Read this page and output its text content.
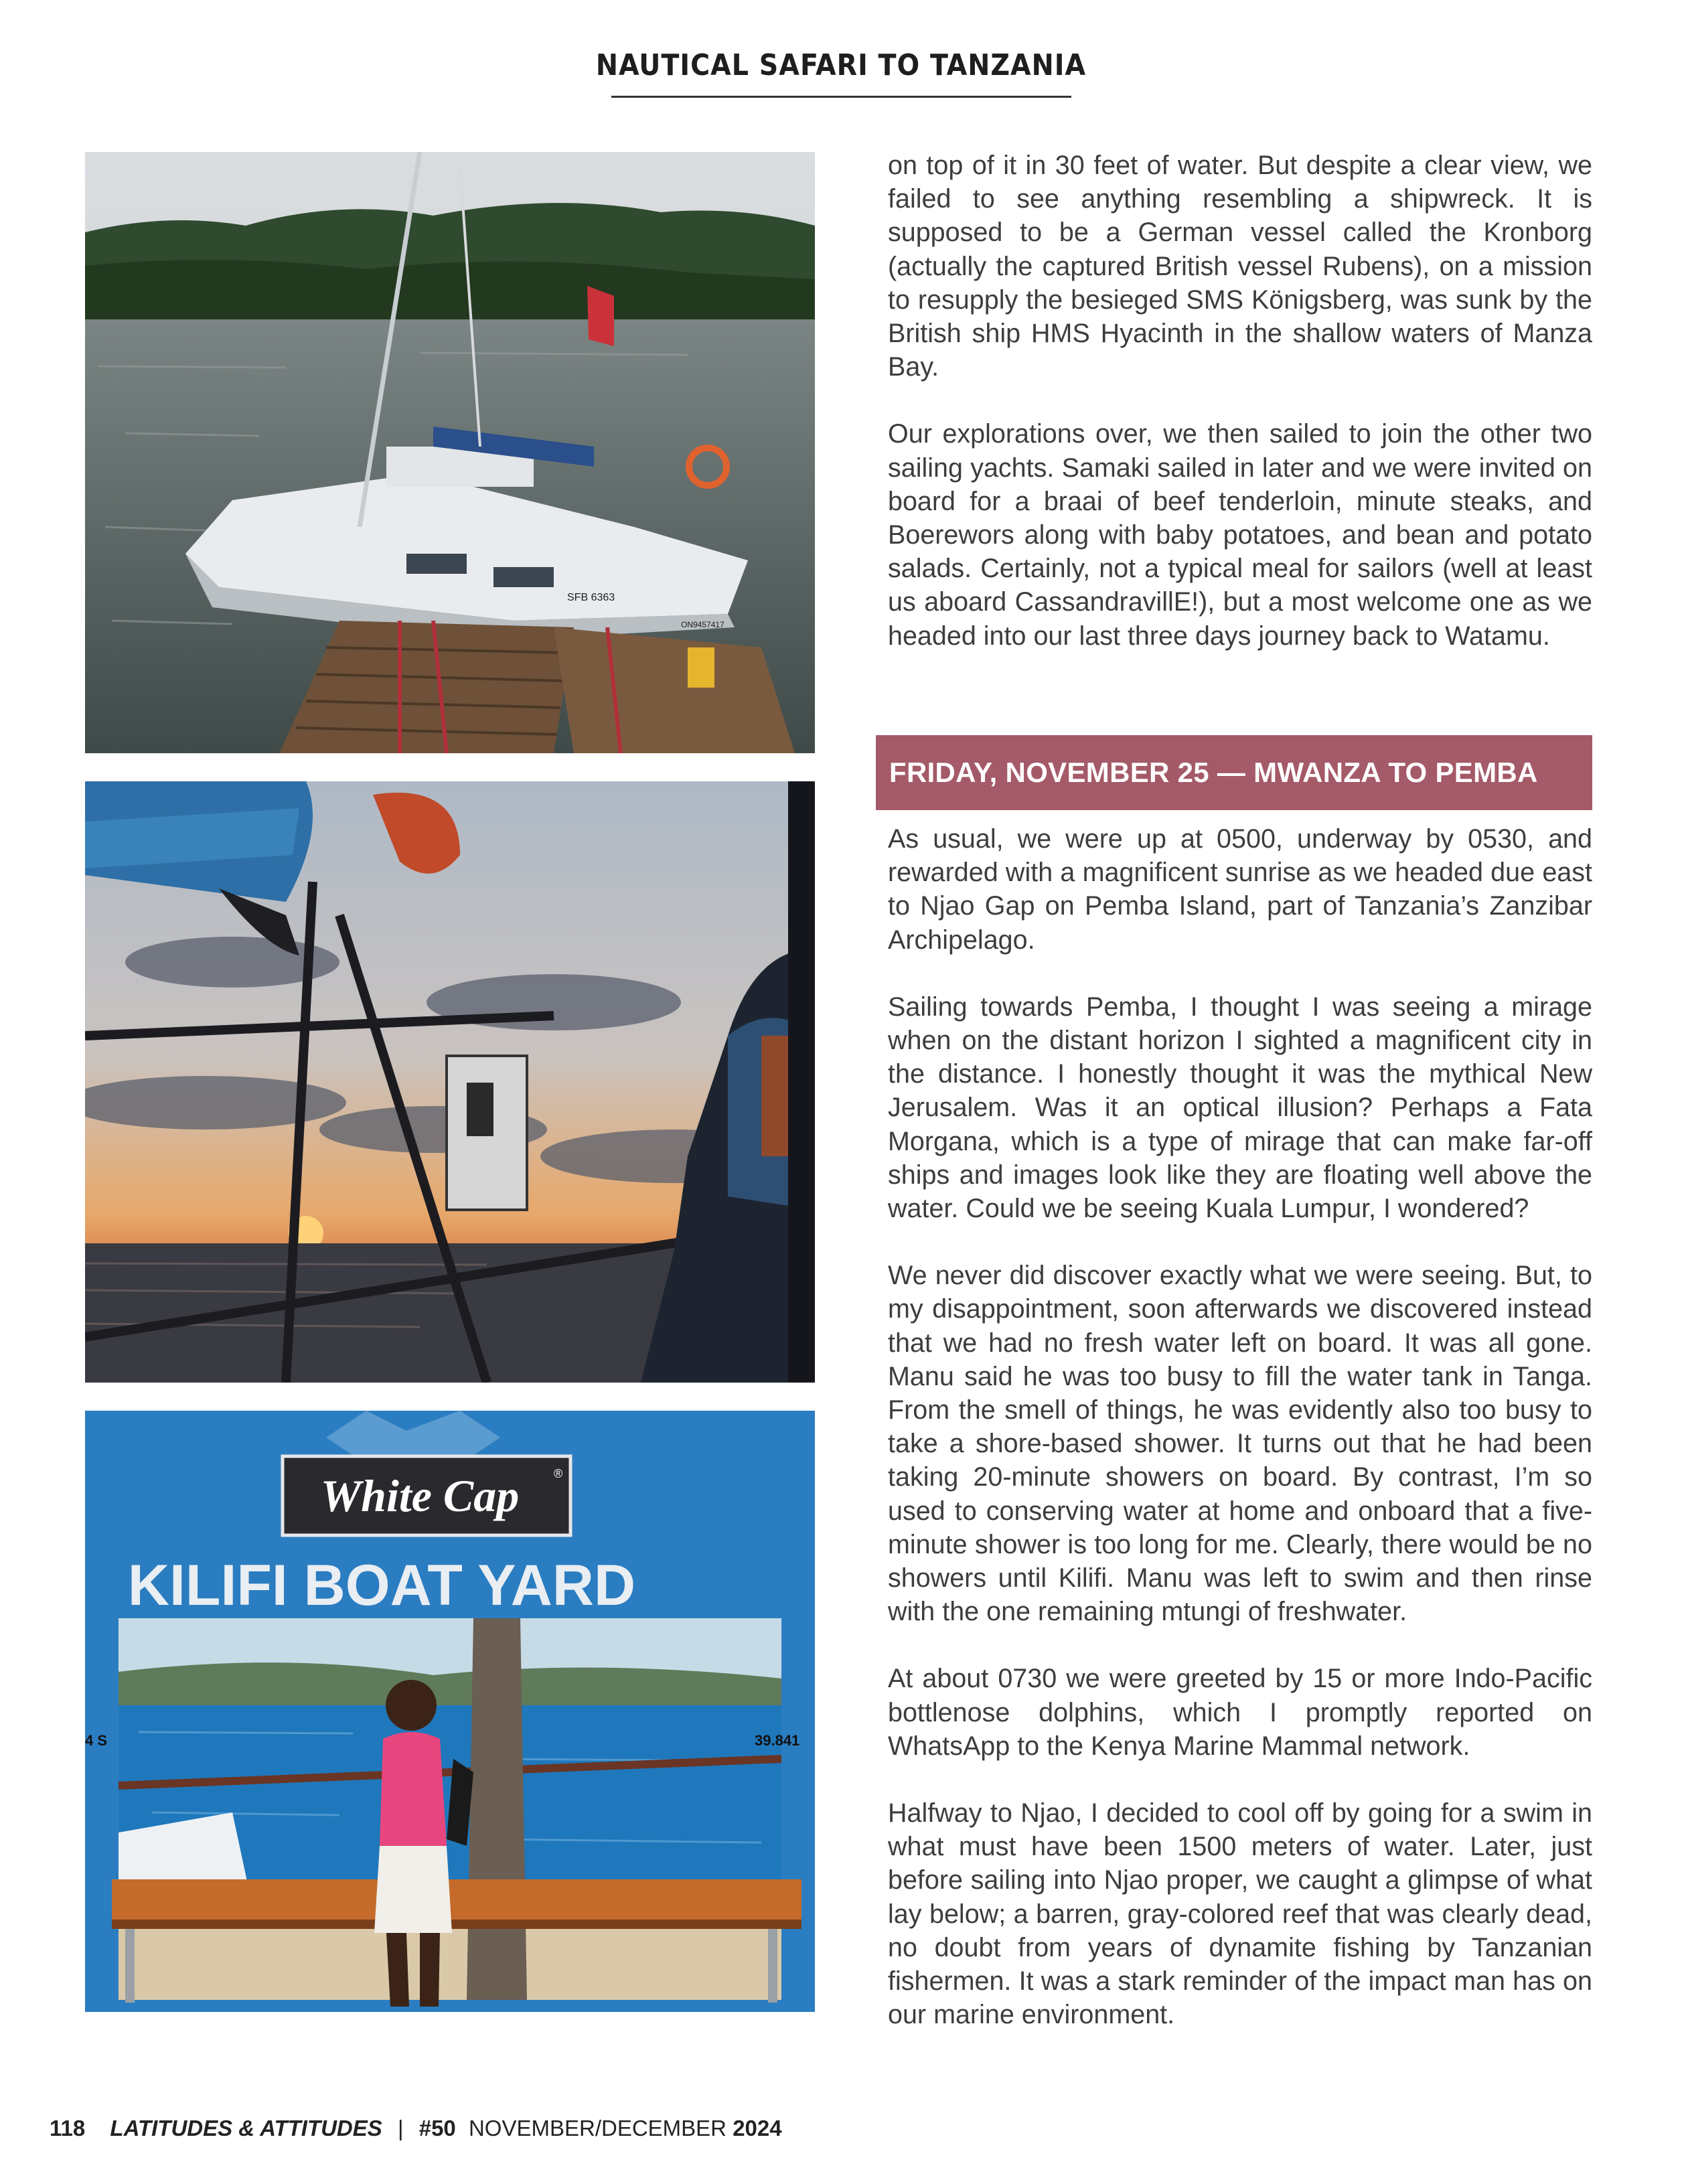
NAUTICAL SAFARI TO TANZANIA
SFB 6363
ON9457417
White Cap	®
KILIFI BOAT YARD
4 S	39.841

on top of it in 30 feet of water. But despite a clear view, we failed to see anything resembling a shipwreck. It is supposed to be a German vessel called the Kronborg (actually the captured British vessel Rubens), on a mission to resupply the besieged SMS Königsberg, was sunk by the British ship HMS Hyacinth in the shallow waters of Manza Bay.

Our explorations over, we then sailed to join the other two sailing yachts. Samaki sailed in later and we were invited on board for a braai of beef tenderloin, minute steaks, and Boerewors along with baby potatoes, and bean and potato salads. Certainly, not a typical meal for sailors (well at least us aboard CassandravillE!), but a most welcome one as we headed into our last three days journey back to Watamu.

FRIDAY, NOVEMBER 25 — MWANZA TO PEMBA

As usual, we were up at 0500, underway by 0530, and rewarded with a magnificent sunrise as we headed due east to Njao Gap on Pemba Island, part of Tanzania’s Zanzibar Archipelago.

Sailing towards Pemba, I thought I was seeing a mirage when on the distant horizon I sighted a magnificent city in the distance. I honestly thought it was the mythical New Jerusalem. Was it an optical illusion? Perhaps a Fata Morgana, which is a type of mirage that can make far-off ships and images look like they are floating well above the water. Could we be seeing Kuala Lumpur, I wondered?

We never did discover exactly what we were seeing. But, to my disappointment, soon afterwards we discovered instead that we had no fresh water left on board. It was all gone. Manu said he was too busy to fill the water tank in Tanga. From the smell of things, he was evidently also too busy to take a shore-based shower. It turns out that he had been taking 20-minute showers on board. By contrast, I’m so used to conserving water at home and onboard that a five-minute shower is too long for me. Clearly, there would be no showers until Kilifi. Manu was left to swim and then rinse with the one remaining mtungi of freshwater.

At about 0730 we were greeted by 15 or more Indo-Pacific bottlenose dolphins, which I promptly reported on WhatsApp to the Kenya Marine Mammal network.

Halfway to Njao, I decided to cool off by going for a swim in what must have been 1500 meters of water. Later, just before sailing into Njao proper, we caught a glimpse of what lay below; a barren, gray-colored reef that was clearly dead, no doubt from years of dynamite fishing by Tanzanian fishermen. It was a stark reminder of the impact man has on our marine environment.

118 LATITUDES & ATTITUDES | #50 NOVEMBER/DECEMBER 2024
